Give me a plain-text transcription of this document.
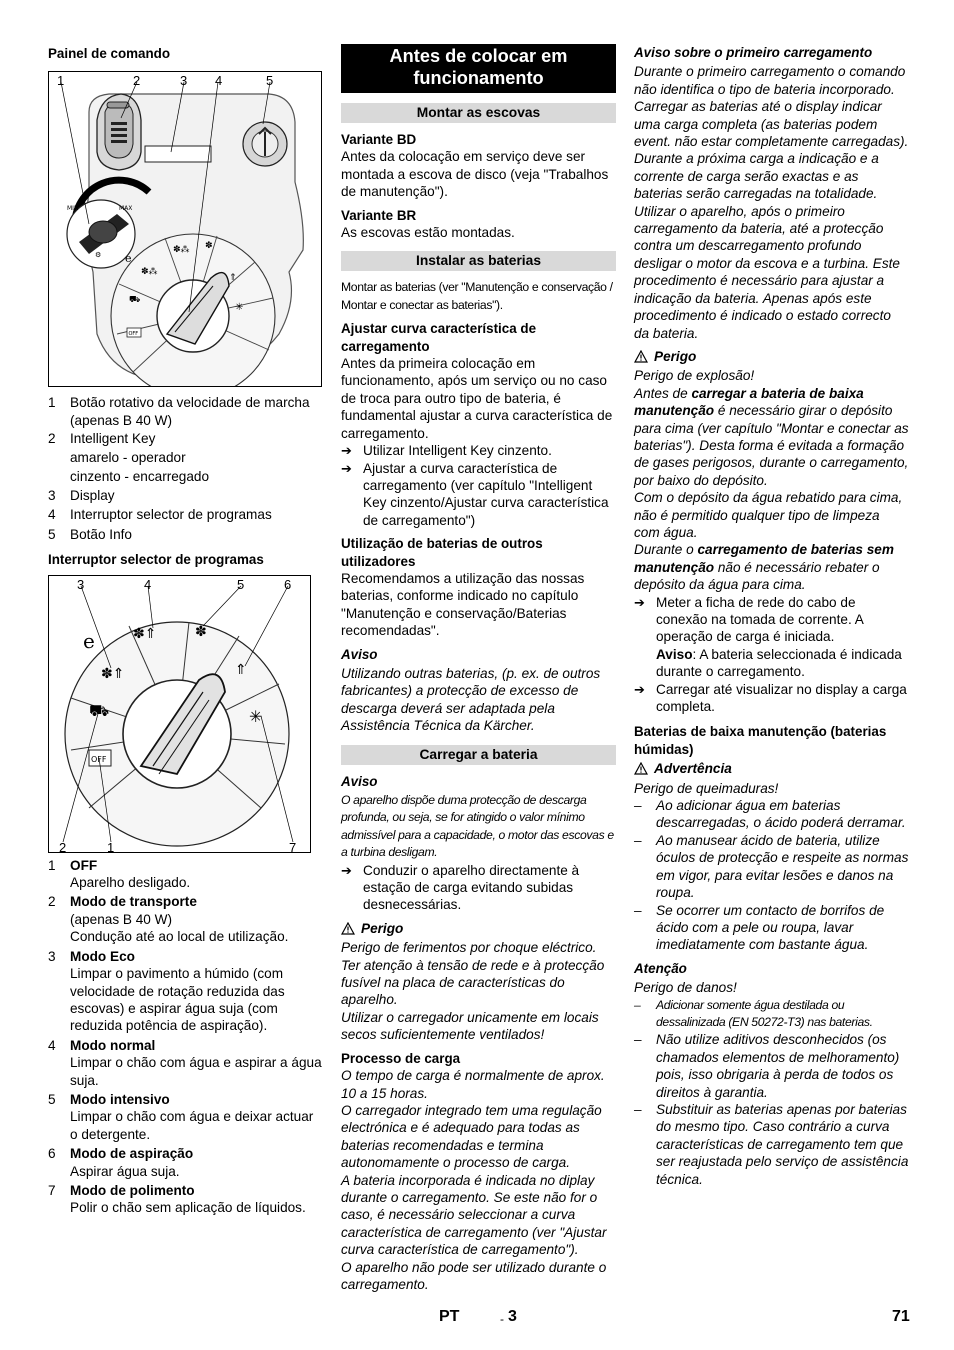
Painel de comando
MIN	MAX
⚙	✽⁂ ✽
✽⁂
⇑
✳
⛟
OFF
e
1	2	3 4	5
1	Botão rotativo da velocidade de marcha (apenas B 40 W)
2	Intelligent Key
amarelo - operador
cinzento - encarregado
3	Display
4	Interruptor selector de programas
5	Botão Info
Interruptor selector de programas
✽⇑	✽
✽⇑	⇑
✳
⛟
OFF
e
3	4	5	6
2	1	7
1	OFF
Aparelho desligado.
2	Modo de transporte
(apenas B 40 W)
Condução até ao local de utilização.
3	Modo Eco
Limpar o pavimento a húmido (com velocidade de rotação reduzida das escovas) e aspirar água suja (com reduzida potência de aspiração).
4	Modo normal
Limpar o chão com água e aspirar a água suja.
5	Modo intensivo
Limpar o chão com água e deixar actuar o detergente.
6	Modo de aspiração
Aspirar água suja.
7	Modo de polimento
Polir o chão sem aplicação de líquidos.
Antes de colocar em funcionamento
Montar as escovas
Variante BD
Antes da colocação em serviço deve ser montada a escova de disco (veja "Trabalhos de manutenção").
Variante BR
As escovas estão montadas.
Instalar as baterias
Montar as baterias (ver "Manutenção e conservação / Montar e conectar as baterias").
Ajustar curva característica de carregamento
Antes da primeira colocação em funcionamento, após um serviço ou no caso de troca para outro tipo de bateria, é fundamental ajustar a curva característica de carregamento.
➔ Utilizar Intelligent Key cinzento.
➔ Ajustar a curva característica de carregamento (ver capítulo "Intelligent Key cinzento/Ajustar curva característica de carregamento")
Utilização de baterias de outros utilizadores
Recomendamos a utilização das nossas baterias, conforme indicado no capítulo "Manutenção e conservação/Baterias recomendadas".
Aviso
Utilizando outras baterias, (p. ex. de outros fabricantes) a protecção de excesso de descarga deverá ser adaptada pela Assistência Técnica da Kärcher.
Carregar a bateria
Aviso
O aparelho dispõe duma protecção de descarga profunda, ou seja, se for atingido o valor mínimo admissível para a capacidade, o motor das escovas e a turbina desligam.
➔ Conduzir o aparelho directamente à estação de carga evitando subidas desnecessárias.
Perigo
Perigo de ferimentos por choque eléctrico. Ter atenção à tensão de rede e à protecção fusível na placa de características do aparelho.
Utilizar o carregador unicamente em locais secos suficientemente ventilados!
Processo de carga
O tempo de carga é normalmente de aprox. 10 a 15 horas.
O carregador integrado tem uma regulação electrónica e é adequado para todas as baterias recomendadas e termina autonomamente o processo de carga.
A bateria incorporada é indicada no diplay durante o carregamento. Se este não for o caso, é necessário seleccionar a curva característica de carregamento (ver "Ajustar curva característica de carregamento").
O aparelho não pode ser utilizado durante o carregamento.
Aviso sobre o primeiro carregamento
Durante o primeiro carregamento o comando não identifica o tipo de bateria incorporado. Carregar as baterias até o display indicar uma carga completa (as baterias podem event. não estar completamente carregadas). Durante a próxima carga a indicação e a corrente de carga serão exactas e as baterias serão carregadas na totalidade.
Utilizar o aparelho, após o primeiro carregamento da bateria, até a protecção contra um descarregamento profundo desligar o motor da escova e a turbina. Este procedimento é necessário para ajustar a indicação da bateria. Apenas após este procedimento é indicado o estado correcto da bateria.
Perigo
Perigo de explosão!
Antes de carregar a bateria de baixa manutenção é necessário girar o depósito para cima (ver capítulo "Montar e conectar as baterias"). Desta forma é evitada a formação de gases perigosos, durante o carregamento, por baixo do depósito.
Com o depósito da água rebatido para cima, não é permitido qualquer tipo de limpeza com água.
Durante o carregamento de baterias sem manutenção não é necessário rebater o depósito da água para cima.
➔ Meter a ficha de rede do cabo de conexão na tomada de corrente. A operação de carga é iniciada.
Aviso: A bateria seleccionada é indicada durante o carregamento.
➔ Carregar até visualizar no display a carga completa.
Baterias de baixa manutenção (baterias húmidas)
Advertência
Perigo de queimaduras!
–	Ao adicionar água em baterias descarregadas, o ácido poderá derramar.
–	Ao manusear ácido de bateria, utilize óculos de protecção e respeite as normas em vigor, para evitar lesões e danos na roupa.
–	Se ocorrer um contacto de borrifos de ácido com a pele ou roupa, lavar imediatamente com bastante água.
Atenção
Perigo de danos!
–	Adicionar somente água destilada ou dessalinizada (EN 50272-T3) nas baterias.
–	Não utilize aditivos desconhecidos (os chamados elementos de melhoramento) pois, isso obrigaria à perda de todos os direitos à garantia.
–	Substituir as baterias apenas por baterias do mesmo tipo. Caso contrário a curva características de carregamento tem que ser reajustada pelo serviço de assistência técnica.
PT	- 3	71
